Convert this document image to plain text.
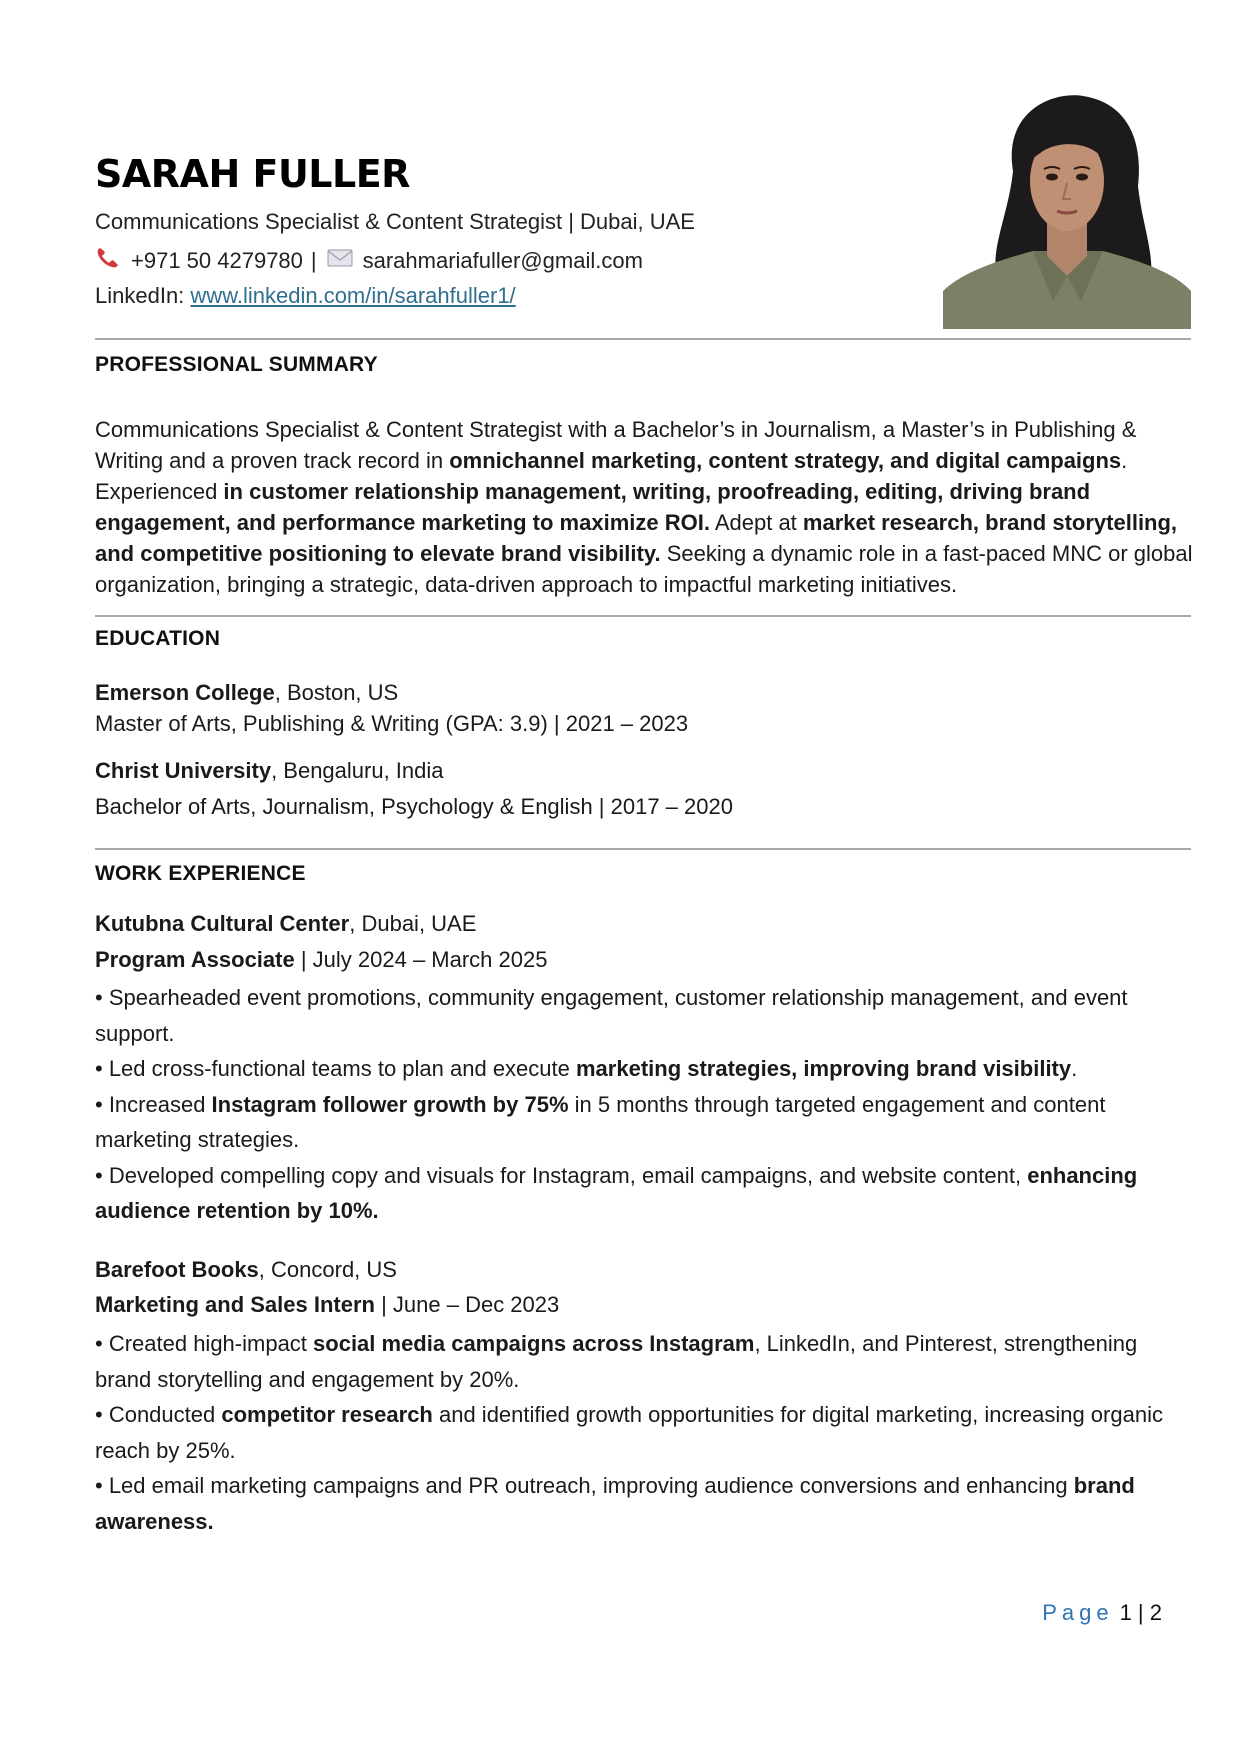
SARAH FULLER
Communications Specialist & Content Strategist | Dubai, UAE
+971 50 4279780 | sarahmariafuller@gmail.com
LinkedIn: www.linkedin.com/in/sarahfuller1/
PROFESSIONAL SUMMARY
Communications Specialist & Content Strategist with a Bachelor’s in Journalism, a Master’s in Publishing & Writing and a proven track record in omnichannel marketing, content strategy, and digital campaigns. Experienced in customer relationship management, writing, proofreading, editing, driving brand engagement, and performance marketing to maximize ROI. Adept at market research, brand storytelling, and competitive positioning to elevate brand visibility. Seeking a dynamic role in a fast-paced MNC or global organization, bringing a strategic, data-driven approach to impactful marketing initiatives.
EDUCATION
Emerson College, Boston, US
Master of Arts, Publishing & Writing (GPA: 3.9) | 2021 – 2023
Christ University, Bengaluru, India
Bachelor of Arts, Journalism, Psychology & English | 2017 – 2020
WORK EXPERIENCE
Kutubna Cultural Center, Dubai, UAE
Program Associate | July 2024 – March 2025

• Spearheaded event promotions, community engagement, customer relationship management, and event support.

• Led cross-functional teams to plan and execute marketing strategies, improving brand visibility.

• Increased Instagram follower growth by 75% in 5 months through targeted engagement and content marketing strategies.

• Developed compelling copy and visuals for Instagram, email campaigns, and website content, enhancing audience retention by 10%.

Barefoot Books, Concord, US
Marketing and Sales Intern | June – Dec 2023

• Created high-impact social media campaigns across Instagram, LinkedIn, and Pinterest, strengthening brand storytelling and engagement by 20%.

• Conducted competitor research and identified growth opportunities for digital marketing, increasing organic reach by 25%.

• Led email marketing campaigns and PR outreach, improving audience conversions and enhancing brand awareness.

Page 1 | 2
